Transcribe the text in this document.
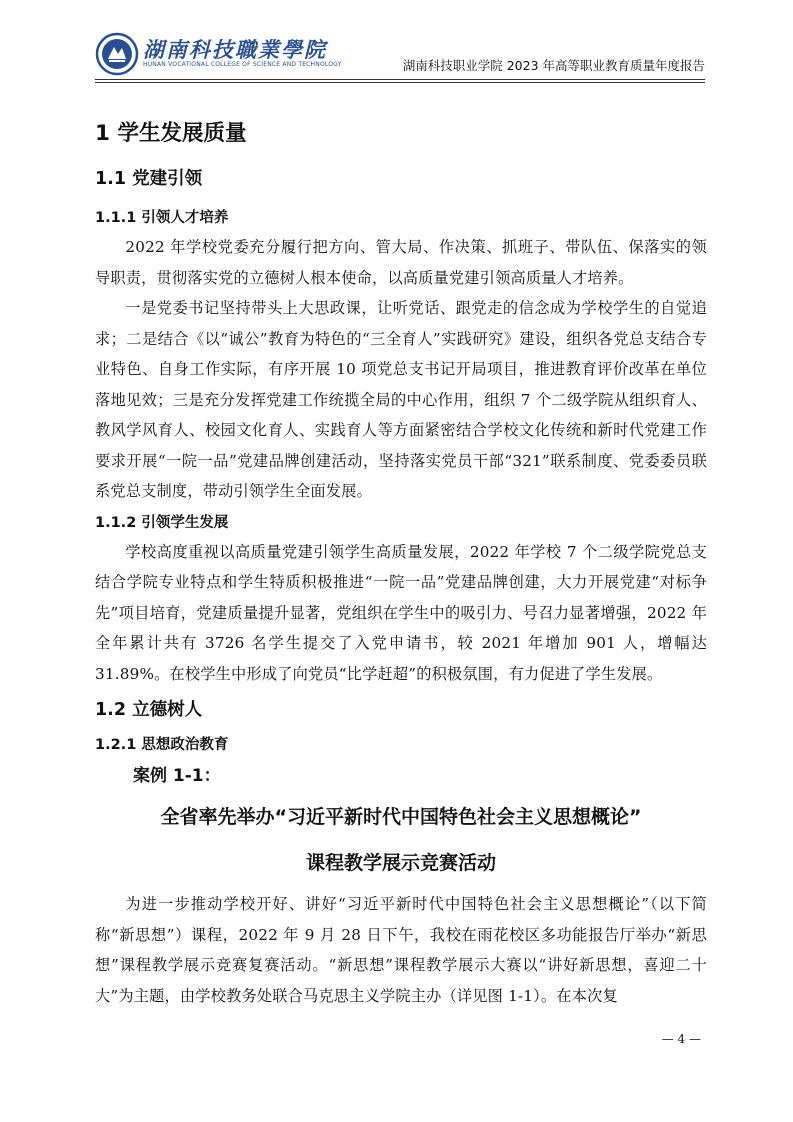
湖南科技職業學院
HUNAN VOCATIONAL COLLEGE OF SCIENCE AND TECHNOLOGY	湖南科技职业学院 2023 年高等职业教育质量年度报告
1 学生发展质量
1.1 党建引领
1.1.1 引领人才培养

2022 年学校党委充分履行把方向、管大局、作决策、抓班子、带队伍、保落实的领导职责，贯彻落实党的立德树人根本使命，以高质量党建引领高质量人才培养。

一是党委书记坚持带头上大思政课，让听党话、跟党走的信念成为学校学生的自觉追求；二是结合《以“诚公”教育为特色的“三全育人”实践研究》建设，组织各党总支结合专业特色、自身工作实际，有序开展 10 项党总支书记开局项目，推进教育评价改革在单位落地见效；三是充分发挥党建工作统揽全局的中心作用，组织 7 个二级学院从组织育人、教风学风育人、校园文化育人、实践育人等方面紧密结合学校文化传统和新时代党建工作要求开展“一院一品”党建品牌创建活动，坚持落实党员干部“321”联系制度、党委委员联系党总支制度，带动引领学生全面发展。

1.1.2 引领学生发展

学校高度重视以高质量党建引领学生高质量发展，2022 年学校 7 个二级学院党总支结合学院专业特点和学生特质积极推进“一院一品”党建品牌创建，大力开展党建“对标争先”项目培育，党建质量提升显著，党组织在学生中的吸引力、号召力显著增强，2022 年全年累计共有 3726 名学生提交了入党申请书，较 2021 年增加 901 人，增幅达 31.89%。在校学生中形成了向党员“比学赶超”的积极氛围，有力促进了学生发展。

1.2 立德树人
1.2.1 思想政治教育
案例 1-1：
全省率先举办“习近平新时代中国特色社会主义思想概论”
课程教学展示竞赛活动

为进一步推动学校开好、讲好“习近平新时代中国特色社会主义思想概论”（以下简称“新思想”）课程，2022 年 9 月 28 日下午，我校在雨花校区多功能报告厅举办“新思想”课程教学展示竞赛复赛活动。“新思想”课程教学展示大赛以“讲好新思想，喜迎二十大”为主题，由学校教务处联合马克思主义学院主办（详见图 1-1）。在本次复

— 4 —
